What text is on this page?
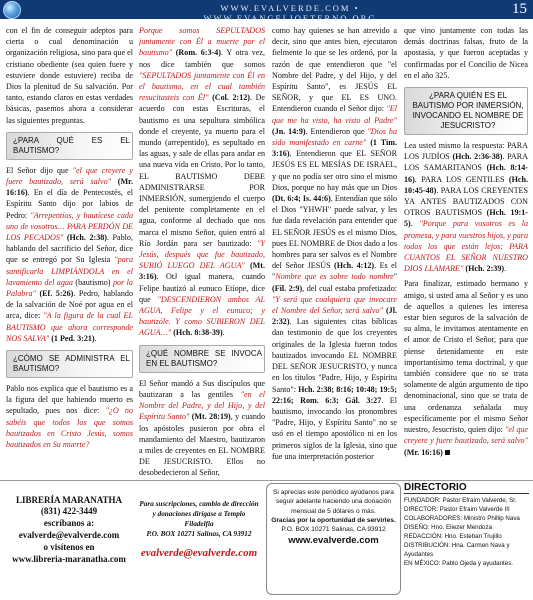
WWW.EVALVERDE.COM • WWW.EVANGELIOETERNO.ORG
15

con el fin de conseguir adeptos para cierta o cual denominación u organización religiosa, sino para que el cristiano obediente (sea quien fuere y estuviere donde estuviere) reciba de Dios la plenitud de Su salvación. Por tanto, estando claros en estas verdades básicas, pasemos ahora a considerar las siguientes preguntas.

¿PARA QUÉ ES EL BAUTISMO?

El Señor dijo que "el que creyere y fuere bautizado, será salvo" (Mr. 16:16). En el día de Pentecostés, el Espíritu Santo dijo por labios de Pedro: "Arrepentíos, y bautícese cada uno de vosotros… PARA PERDÓN DE LOS PECADOS" (Hch. 2:38). Pablo, hablando del sacrificio del Señor, dice que se entregó por Su Iglesia "para santificarla LIMPIÁNDOLA en el lavamiento del agua (bautismo) por la Palabra" (Ef. 5:26). Pedro, hablando de la salvación de Noé por agua en el arca, dice: "A la figura de la cual EL BAUTISMO que ahora corresponde NOS SALVA" (1 Ped. 3:21).

¿CÓMO SE ADMINISTRA EL BAUTISMO?

Pablo nos explica que el bautismo es a la figura del que habiendo muerto es sepultado, pues nos dice: "¿O no sabéis que todos los que somos bautizados en Cristo Jesús, somos bautizados en Su muerte?

Porque somos SEPULTADOS juntamente con Él a muerte por el bautismo" (Rom. 6:3-4). Y otra vez, nos dice también que somos "SEPULTADOS juntamente con Él en el bautismo, en el cual también resucitasteis con Él" (Col. 2:12). De acuerdo con estas Escrituras, el bautismo es una sepultura simbólica donde el creyente, ya muerto para el mundo (arrepentido), es sepultado en las aguas, y sale de ellas para andar en una nueva vida en Cristo. Por lo tanto, EL BAUTISMO DEBE ADMINISTRARSE POR INMERSIÓN, sumergiendo el cuerpo del penitente completamente en el agua, conforme al dechado que nos marca el mismo Señor, quien entró al Río Jordán para ser bautizado: "Y Jesús, después que fue bautizado, SUBIÓ LUEGO DEL AGUA" (Mt. 3:16). OtJ igual manera, cuando Felipe bautizó al eunuco Etíope, dice que "DESCENDIERON ambos AL AGUA, Felipe y el eunuco; y bautizóle. Y como SUBIERON DEL AGUA…" (Hch. 8:38-39).

¿QUÉ NOMBRE SE INVOCA EN EL BAUTISMO?

El Señor mandó a Sus discípulos que bautizaran a las gentiles "en el Nombre del Padre, y del Hijo, y del Espíritu Santo" (Mt. 28:19), y cuando los apóstoles pusieron por obra el mandamiento del Maestro, bautizaron a miles de creyentes en EL NOMBRE DE JESUCRISTO. Ellos no desobedecieron al Señor,

como hay quienes se han atrevido a decir, sino que antes bien, ejecutaron fielmente lo que se les ordenó, por la razón de que entendieron que "el Nombre del Padre, y del Hijo, y del Espíritu Santo", es JESÚS EL SEÑOR, y que EL ES UNO. Entendieron cuando el Señor dijo: "El que me ha visto, ha visto al Padre" (Jn. 14:9). Entendieron que "Dios ha sido manifestado en carne" (1 Tim. 3:16). Entendieron que EL SEÑOR JESÚS ES EL MESÍAS DE ISRAEL, y que no podía ser otro sino el mismo Dios, porque no hay más que un Dios (Dt. 6:4; Is. 44:6). Entendían que sólo el Dios "YHWH" puede salvar, y les fue dada revelación para entender que EL SEÑOR JESÚS es el mismo Dios, pues EL NOMBRE de Dios dado a los hombres para ser salvos es el Nombre del Señor JESÚS (Hch. 4:12). Es el "Nombre que es sobre todo nombre" (Fil. 2:9), del cual estaba profetizado: "Y será que cualquiera que invocare el Nombre del Señor, será salvo" (Jl. 2:32). Las siguientes citas bíblicas dan testimonio de que los creyentes originales de la Iglesia fueron todos bautizados invocando EL NOMBRE DEL SEÑOR JESUCRISTO, y nunca en los títulos "Padre, Hijo, y Espíritu Santo": Hch. 2:38; 8:16; 10:48; 19:5; 22:16; Rom. 6:3; Gál. 3:27. El bautismo, invocando los pronombres "Padre, Hijo, y Espíritu Santo" no se usó en el tiempo apostólico ni en los primeros siglos de la Iglesia, sino que fue una interpretación posterior

que vino juntamente con todas las demás doctrinas falsas, fruto de la apostasía, y que fueron aceptadas y confirmadas por el Concilio de Nicea en el año 325.

¿PARA QUIÉN ES EL BAUTISMO POR INMERSIÓN, INVOCANDO EL NOMBRE DE JESUCRISTO?

Lea usted mismo la respuesta: PARA LOS JUDÍOS (Hch. 2:36-38). PARA LOS SAMARITANOS (Hch. 8:14-16). PARA LOS GENTILES (Hch. 10:45-48). PARA LOS CREYENTES YA ANTES BAUTIZADOS CON OTROS BAUTISMOS (Hch. 19:1-5). "Porque para vosotros es la promesa, y para vuestros hijos, y para todos los que están lejos; PARA CUANTOS EL SEÑOR NUESTRO DIOS LLAMARE" (Hch. 2:39).

Para finalizar, estimado hermano y amigo, si usted ama al Señor y es uno de aquellos a quienes les interesa estar bien seguros de la salvación de su alma, le invitamos atentamente en el amor de Cristo el Señor, para que piense detenidamente en este importantísimo tema doctrinal, y que también considere que no se trata solamente de algún argumento de tipo denominacional, sino que se trata de una ordenanza señalada muy específicamente por el mismo Señor nuestro, Jesucristo, quien dijo: "el que creyere y fuere bautizado, será salvo" (Mr. 16:16)

LIBRERÍA MARANATHA
(831) 422-3449
escríbanos a:
evalverde@evalverde.com
o visítenos en
www.libreria-maranatha.com
Para suscripciones, cambio de dirección y donaciones dirígase a Templo Filadelfia
P.O. BOX 10271 Salinas, CA 93912
evalverde@evalverde.com
Si aprecias este periódico ayúdanos para seguir adelante haciendo una donación mensual de 5 dólares o más.
Gracias por la oportunidad de servirles.
P.O. BOX 10271 Salinas, CA 93912
www.evalverde.com
DIRECTORIO
FUNDADOR: Pastor Efraim Valverde, Sr.
DIRECTOR: Pastor Efraim Valverde III
COLABORADORES: Ministro Phillip Nava
DISEÑO: Hno. Eliezer Mendoza
REDACCIÓN: Hno. Esteban Trujillo
DISTRIBUCIÓN: Hna. Carmen Nava y Ayudantes
EN MÉXICO: Pablo Ojeda y ayudantes.
